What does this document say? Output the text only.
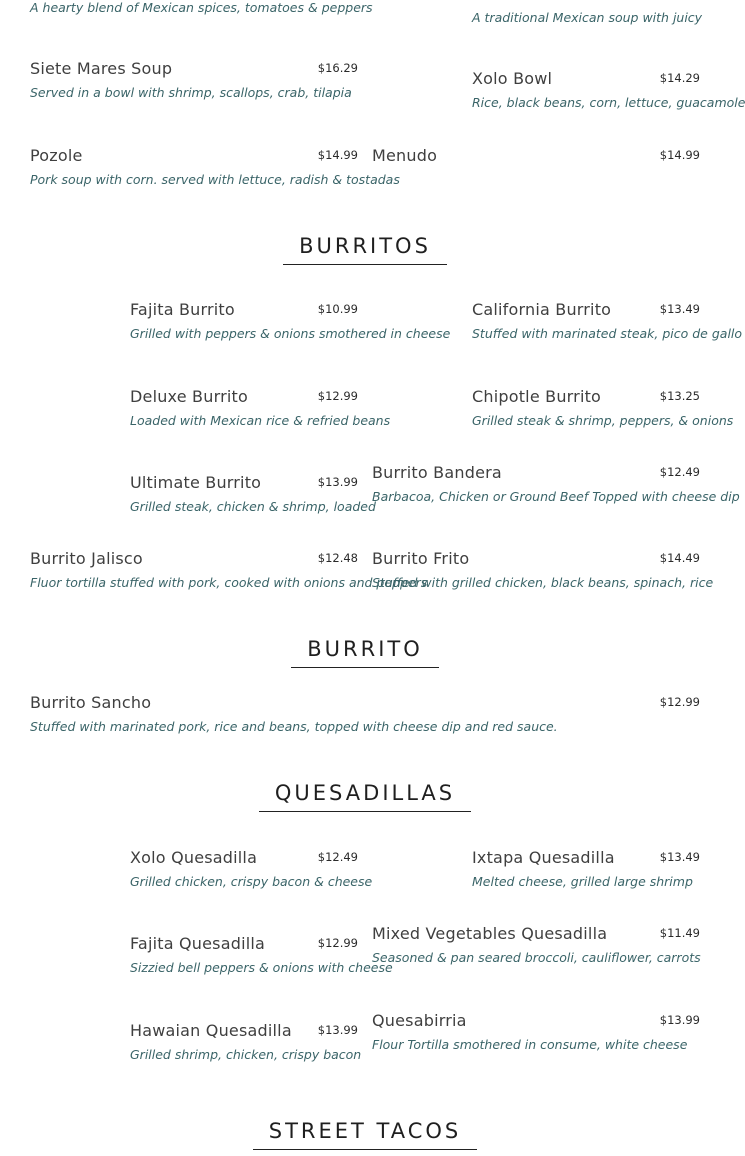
A hearty blend of Mexican spices, tomatoes & peppers
A traditional Mexican soup with juicy
Siete Mares Soup	$16.29
Served in a bowl with shrimp, scallops, crab, tilapia
Xolo Bowl	$14.29
Rice, black beans, corn, lettuce, guacamole
Pozole	$14.99
Pork soup with corn. served with lettuce, radish & tostadas
Menudo	$14.99
BURRITOS
Fajita Burrito	$10.99
Grilled with peppers & onions smothered in cheese
California Burrito	$13.49
Stuffed with marinated steak, pico de gallo
Deluxe Burrito	$12.99
Loaded with Mexican rice & refried beans
Chipotle Burrito	$13.25
Grilled steak & shrimp, peppers, & onions
Ultimate Burrito	$13.99
Grilled steak, chicken & shrimp, loaded
Burrito Bandera	$12.49
Barbacoa, Chicken or Ground Beef Topped with cheese dip
Burrito Jalisco	$12.48
Fluor tortilla stuffed with pork, cooked with onions and peppers
Burrito Frito	$14.49
Stuffed with grilled chicken, black beans, spinach, rice
BURRITO
Burrito Sancho	$12.99
Stuffed with marinated pork, rice and beans, topped with cheese dip and red sauce.
QUESADILLAS
Xolo Quesadilla	$12.49
Grilled chicken, crispy bacon & cheese
Ixtapa Quesadilla	$13.49
Melted cheese, grilled large shrimp
Fajita Quesadilla	$12.99
Sizzied bell peppers & onions with cheese
Mixed Vegetables Quesadilla	$11.49
Seasoned & pan seared broccoli, cauliflower, carrots
Hawaian Quesadilla $13.99
Grilled shrimp, chicken, crispy bacon
Quesabirria	$13.99
Flour Tortilla smothered in consume, white cheese
STREET TACOS
